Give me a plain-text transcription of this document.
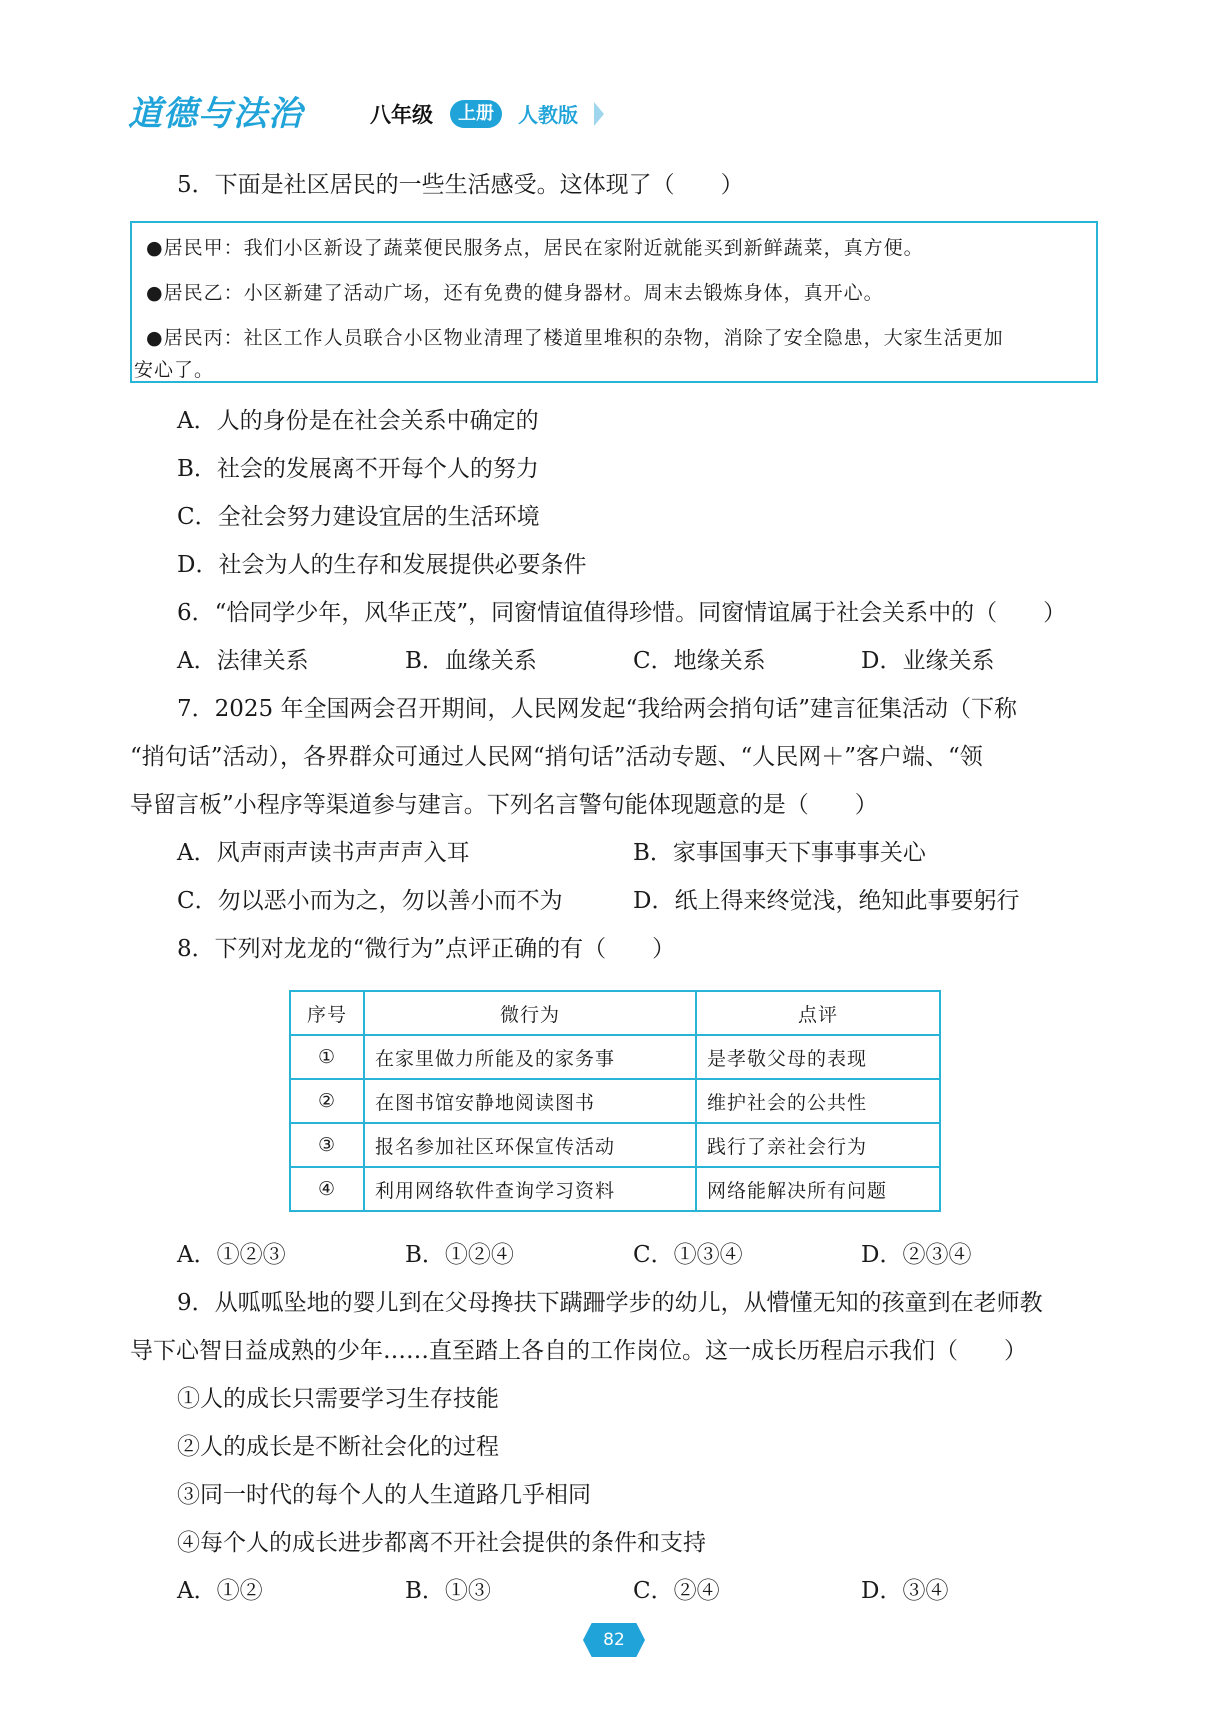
道德与法治	八年级	上册	人教版
5．下面是社区居民的一些生活感受。这体现了（　　）
●居民甲：我们小区新设了蔬菜便民服务点，居民在家附近就能买到新鲜蔬菜，真方便。
●居民乙：小区新建了活动广场，还有免费的健身器材。周末去锻炼身体，真开心。
●居民丙：社区工作人员联合小区物业清理了楼道里堆积的杂物，消除了安全隐患，大家生活更加
安心了。
A．人的身份是在社会关系中确定的
B．社会的发展离不开每个人的努力
C．全社会努力建设宜居的生活环境
D．社会为人的生存和发展提供必要条件
6．“恰同学少年，风华正茂”，同窗情谊值得珍惜。同窗情谊属于社会关系中的（　　）
A．法律关系	B．血缘关系	C．地缘关系	D．业缘关系
7．2025 年全国两会召开期间，人民网发起“我给两会捎句话”建言征集活动（下称
“捎句话”活动），各界群众可通过人民网“捎句话”活动专题、“人民网＋”客户端、“领
导留言板”小程序等渠道参与建言。下列名言警句能体现题意的是（　　）
A．风声雨声读书声声声入耳	B．家事国事天下事事事关心
C．勿以恶小而为之，勿以善小而不为	D．纸上得来终觉浅，绝知此事要躬行
8．下列对龙龙的“微行为”点评正确的有（　　）
序号	微行为	点评
①	在家里做力所能及的家务事	是孝敬父母的表现
②	在图书馆安静地阅读图书	维护社会的公共性
③	报名参加社区环保宣传活动	践行了亲社会行为
④	利用网络软件查询学习资料	网络能解决所有问题
A．①②③	B．①②④	C．①③④	D．②③④
9．从呱呱坠地的婴儿到在父母搀扶下蹒跚学步的幼儿，从懵懂无知的孩童到在老师教
导下心智日益成熟的少年……直至踏上各自的工作岗位。这一成长历程启示我们（　　）
①人的成长只需要学习生存技能
②人的成长是不断社会化的过程
③同一时代的每个人的人生道路几乎相同
④每个人的成长进步都离不开社会提供的条件和支持
A．①②	B．①③	C．②④	D．③④
82
